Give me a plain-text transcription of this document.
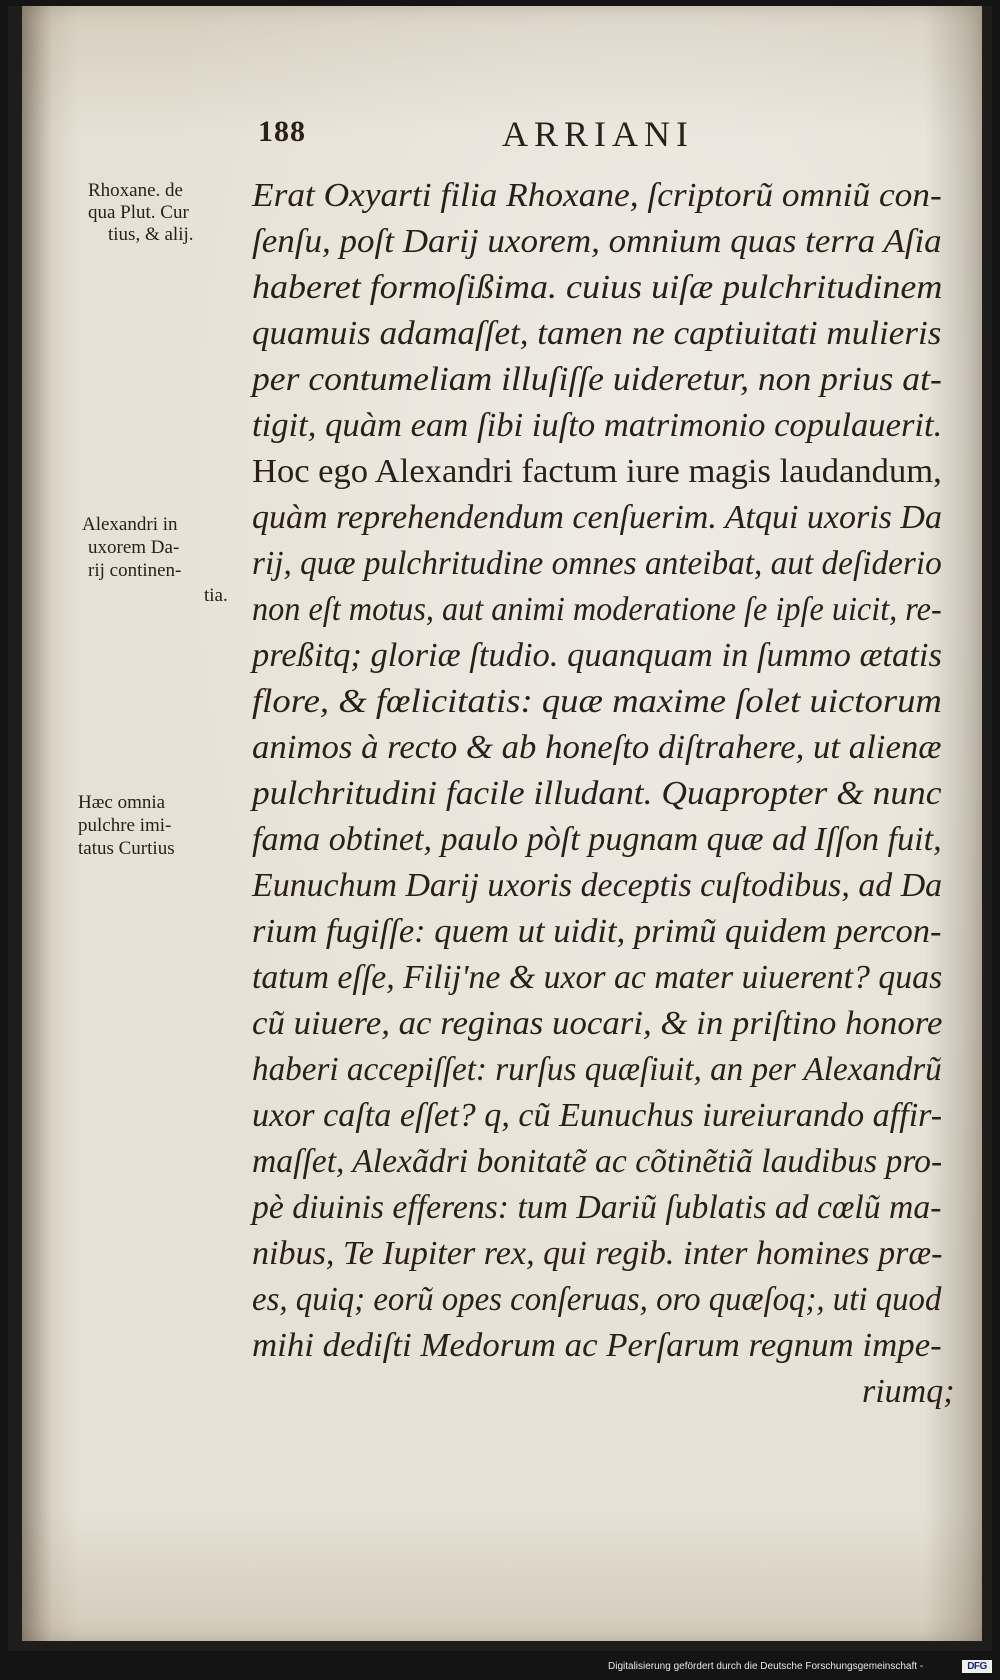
188	ARRIANI
Rhoxane. de
qua Plut. Cur
tius, & alij.
Alexandri in
uxorem Da-
rij continen-
tia.
Hæc omnia
pulchre imi-
tatus Curtius
Erat Oxyarti filia Rhoxane, ſcriptorũ omniũ con-
ſenſu, poſt Darij uxorem, omnium quas terra Aſia
haberet formoſißima. cuius uiſæ pulchritudinem
quamuis adamaſſet, tamen ne captiuitati mulieris
per contumeliam illuſiſſe uideretur, non prius at-
tigit, quàm eam ſibi iuſto matrimonio copulauerit.
Hoc ego Alexandri factum iure magis laudandum,
quàm reprehendendum cenſuerim. Atqui uxoris Da
rij, quæ pulchritudine omnes anteibat, aut deſiderio
non eſt motus, aut animi moderatione ſe ipſe uicit, re-
preßitq; gloriæ ſtudio. quanquam in ſummo ætatis
flore, & fœlicitatis: quæ maxime ſolet uictorum
animos à recto & ab honeſto diſtrahere, ut alienæ
pulchritudini facile illudant. Quapropter & nunc
fama obtinet, paulo pòſt pugnam quæ ad Iſſon fuit,
Eunuchum Darij uxoris deceptis cuſtodibus, ad Da
rium fugiſſe: quem ut uidit, primũ quidem percon-
tatum eſſe, Filij'ne & uxor ac mater uiuerent? quas
cũ uiuere, ac reginas uocari, & in priſtino honore
haberi accepiſſet: rurſus quæſiuit, an per Alexandrũ
uxor caſta eſſet? q, cũ Eunuchus iureiurando affir-
maſſet, Alexãdri bonitatẽ ac cõtinẽtiã laudibus pro-
pè diuinis efferens: tum Dariũ ſublatis ad cœlũ ma-
nibus, Te Iupiter rex, qui regib. inter homines præ-
es, quiq; eorũ opes conſeruas, oro quæſoq;, uti quod
mihi dediſti Medorum ac Perſarum regnum impe-
riumq;
Digitalisierung gefördert durch die Deutsche Forschungsgemeinschaft -	DFG
